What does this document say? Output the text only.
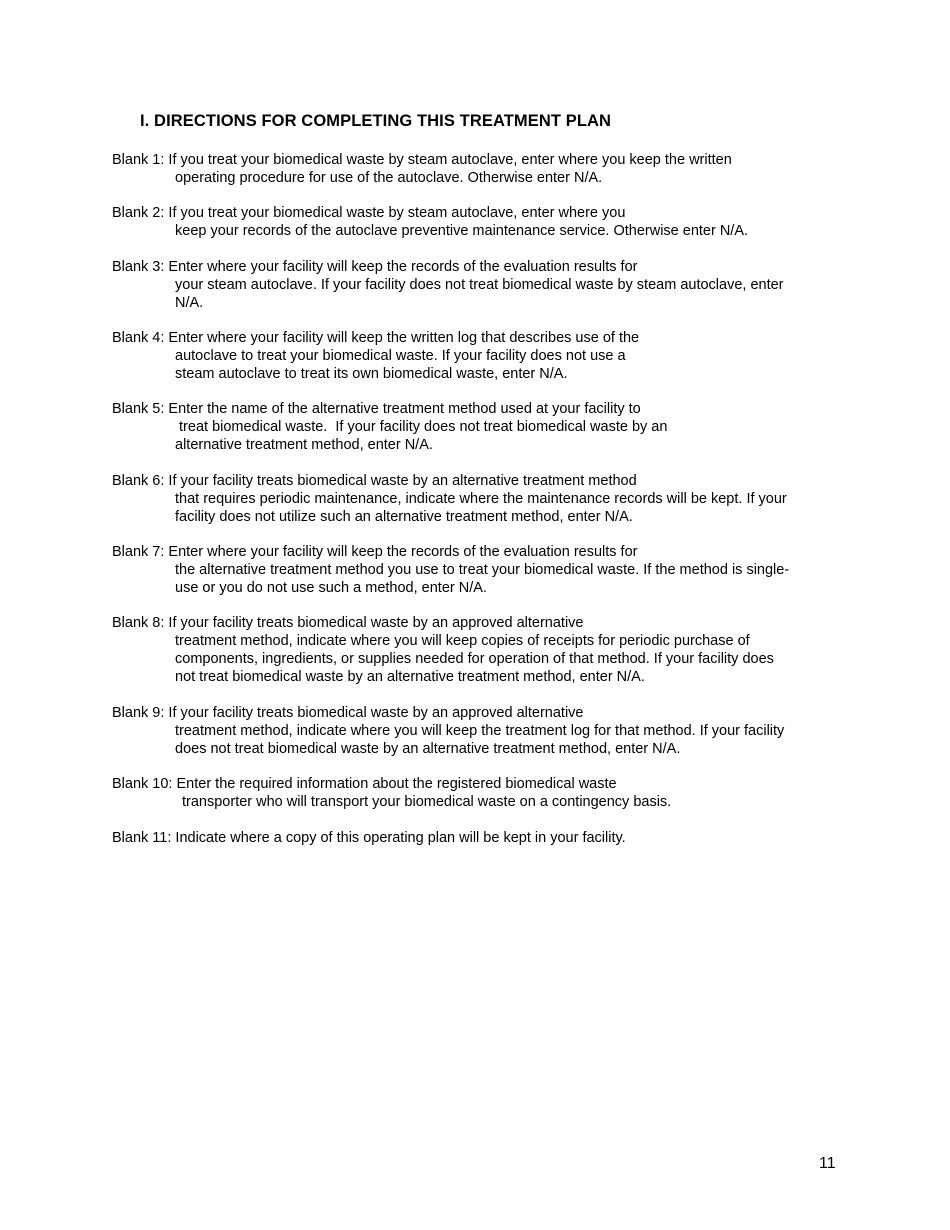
I. DIRECTIONS FOR COMPLETING THIS TREATMENT PLAN
Blank 1: If you treat your biomedical waste by steam autoclave, enter where you keep the written
operating procedure for use of the autoclave. Otherwise enter N/A.
Blank 2: If you treat your biomedical waste by steam autoclave, enter where you
keep your records of the autoclave preventive maintenance service. Otherwise enter N/A.
Blank 3: Enter where your facility will keep the records of the evaluation results for
your steam autoclave. If your facility does not treat biomedical waste by steam autoclave, enter
N/A.
Blank 4: Enter where your facility will keep the written log that describes use of the
autoclave to treat your biomedical waste. If your facility does not use a
steam autoclave to treat its own biomedical waste, enter N/A.
Blank 5: Enter the name of the alternative treatment method used at your facility to
treat biomedical waste.  If your facility does not treat biomedical waste by an
alternative treatment method, enter N/A.
Blank 6: If your facility treats biomedical waste by an alternative treatment method
that requires periodic maintenance, indicate where the maintenance records will be kept. If your
facility does not utilize such an alternative treatment method, enter N/A.
Blank 7: Enter where your facility will keep the records of the evaluation results for
the alternative treatment method you use to treat your biomedical waste. If the method is single-
use or you do not use such a method, enter N/A.
Blank 8: If your facility treats biomedical waste by an approved alternative
treatment method, indicate where you will keep copies of receipts for periodic purchase of
components, ingredients, or supplies needed for operation of that method. If your facility does
not treat biomedical waste by an alternative treatment method, enter N/A.
Blank 9: If your facility treats biomedical waste by an approved alternative
treatment method, indicate where you will keep the treatment log for that method. If your facility
does not treat biomedical waste by an alternative treatment method, enter N/A.
Blank 10: Enter the required information about the registered biomedical waste
transporter who will transport your biomedical waste on a contingency basis.
Blank 11: Indicate where a copy of this operating plan will be kept in your facility.
11
